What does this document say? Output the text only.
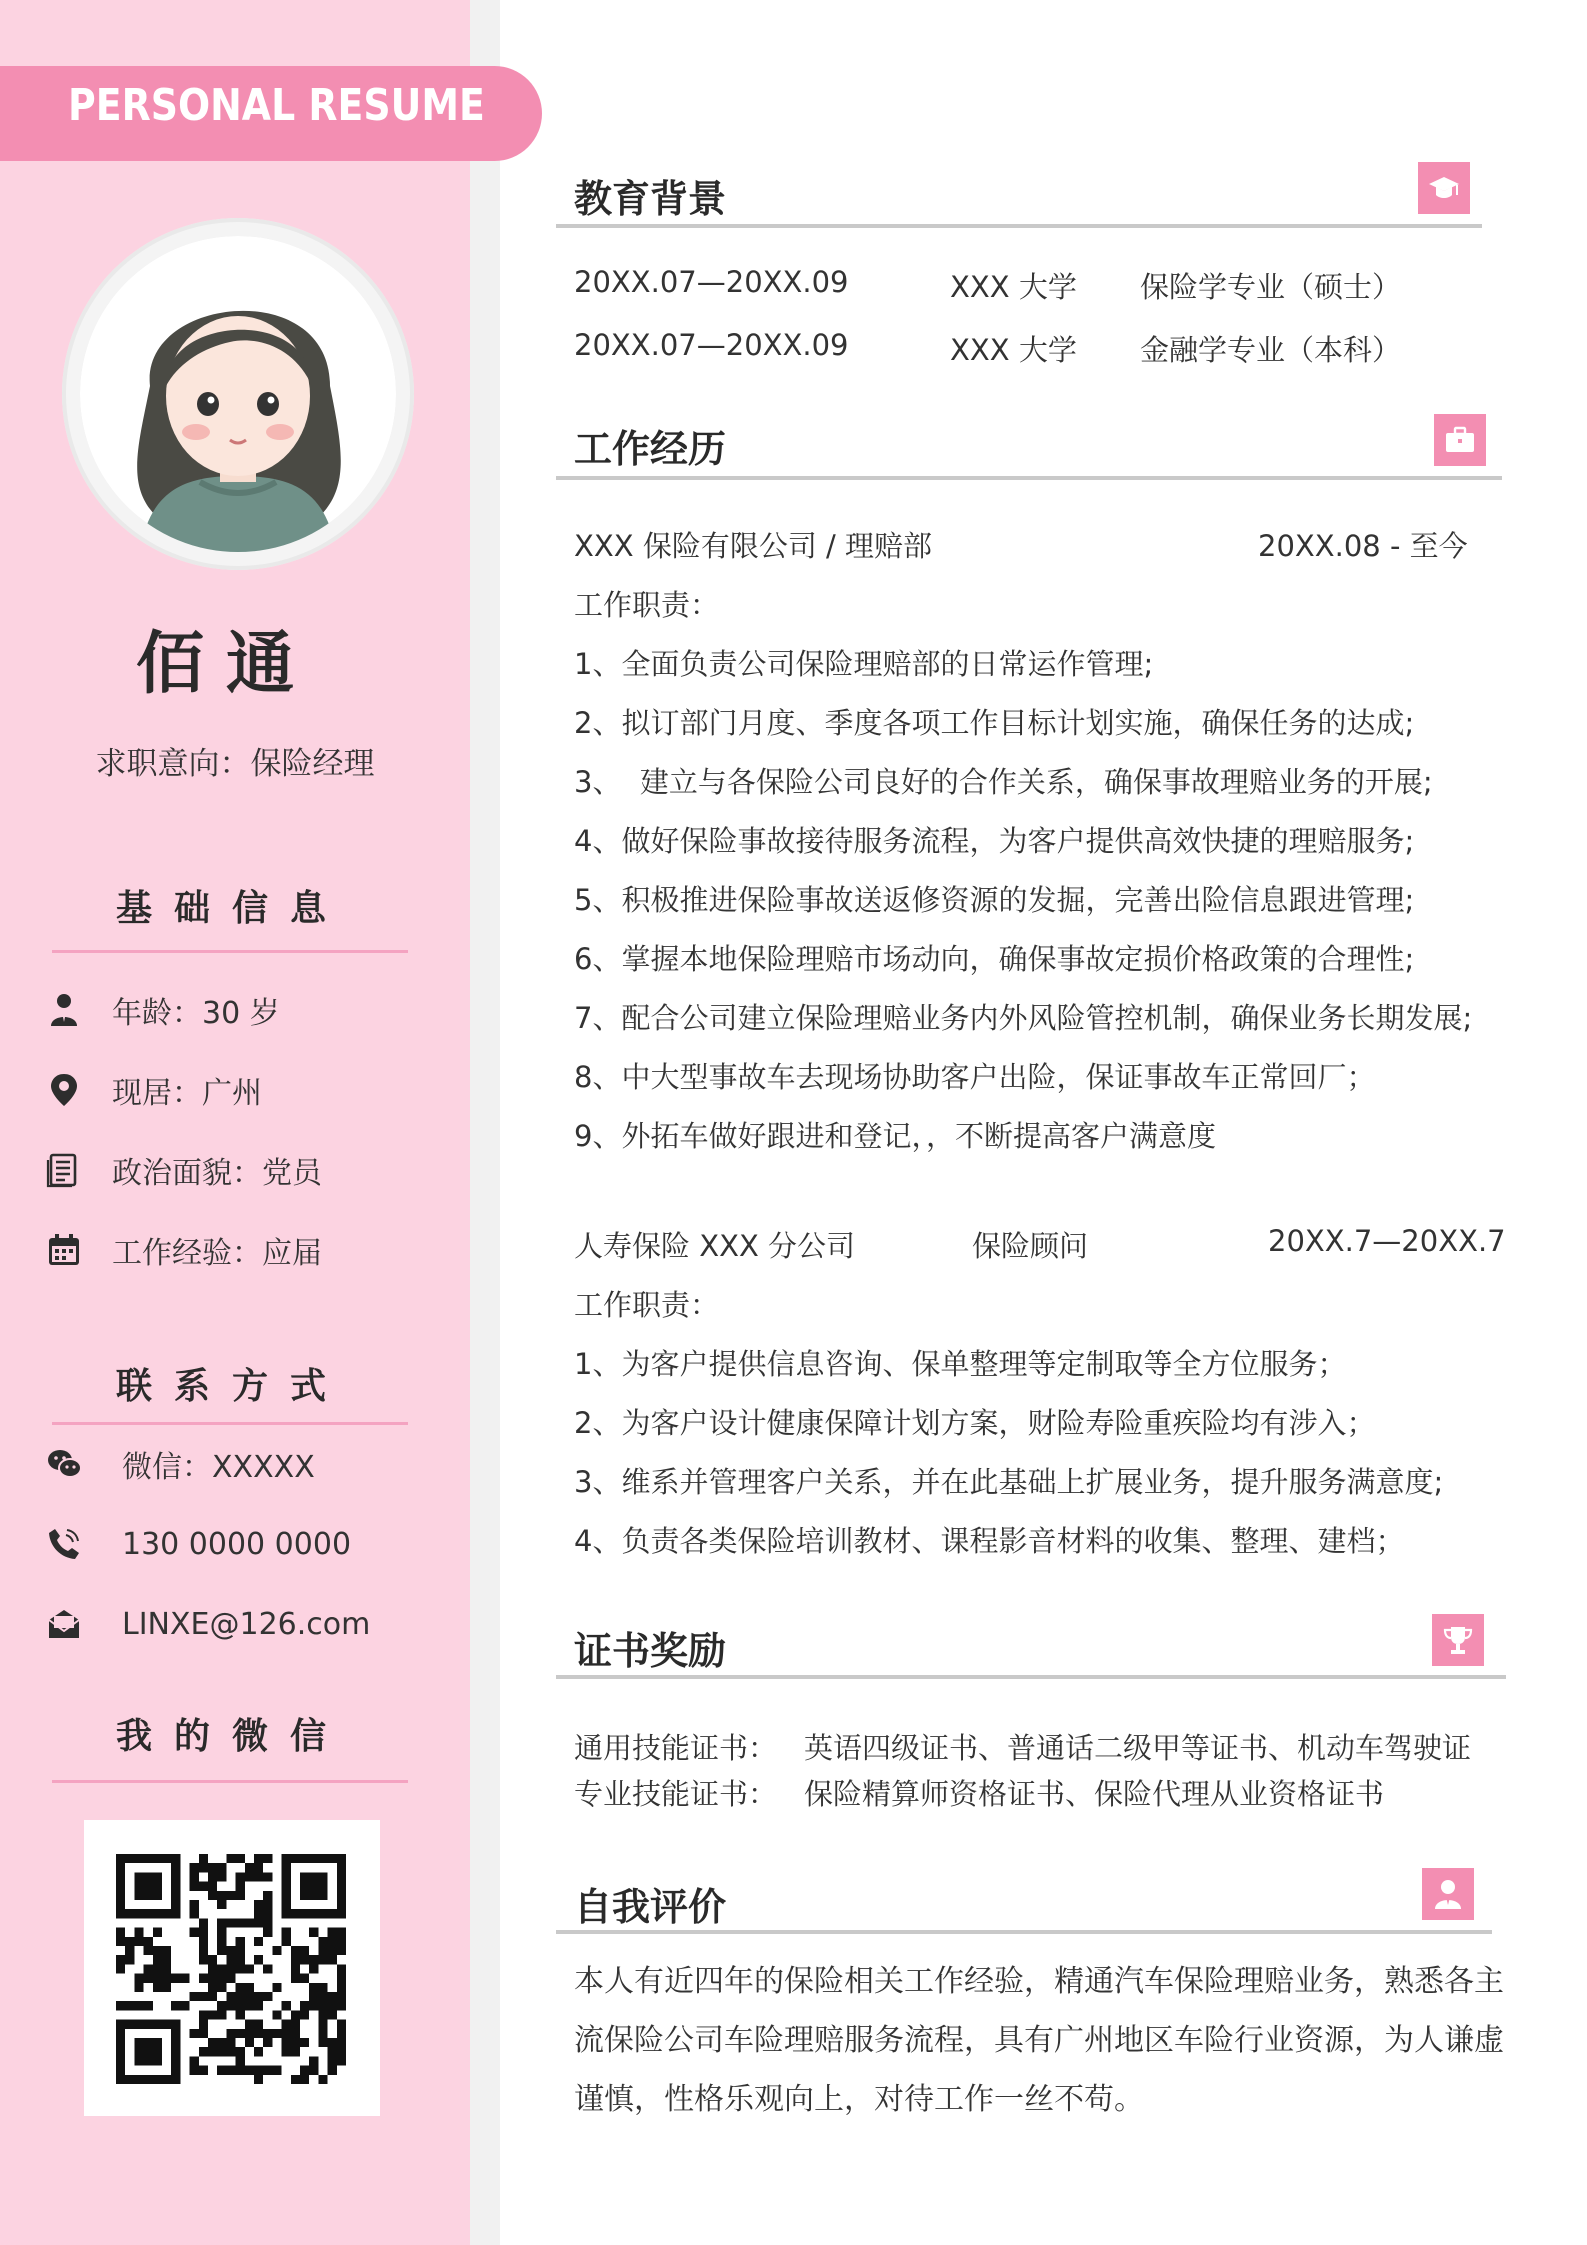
PERSONAL RESUME
佰通
求职意向：保险经理
基础信息
年龄：30 岁
现居：广州
政治面貌：党员
工作经验：应届
联系方式
微信：XXXXX
130 0000 0000
LINXE@126.com
我的微信
教育背景
20XX.07—20XX.09	XXX 大学 保险学专业（硕士）
20XX.07—20XX.09	XXX 大学 金融学专业（本科）
工作经历
XXX 保险有限公司 / 理赔部	20XX.08 - 至今
工作职责：
1、全面负责公司保险理赔部的日常运作管理;
2、拟订部门月度、季度各项工作目标计划实施，确保任务的达成;
3、  建立与各保险公司良好的合作关系，确保事故理赔业务的开展;
4、做好保险事故接待服务流程，为客户提供高效快捷的理赔服务;
5、积极推进保险事故送返修资源的发掘，完善出险信息跟进管理;
6、掌握本地保险理赔市场动向，确保事故定损价格政策的合理性;
7、配合公司建立保险理赔业务内外风险管控机制，确保业务长期发展;
8、中大型事故车去现场协助客户出险，保证事故车正常回厂；
9、外拓车做好跟进和登记，，不断提高客户满意度
人寿保险 XXX 分公司	保险顾问	20XX.7—20XX.7
工作职责：
1、为客户提供信息咨询、保单整理等定制取等全方位服务；
2、为客户设计健康保障计划方案，财险寿险重疾险均有涉入；
3、维系并管理客户关系，并在此基础上扩展业务，提升服务满意度;
4、负责各类保险培训教材、课程影音材料的收集、整理、建档；
证书奖励
通用技能证书： 英语四级证书、普通话二级甲等证书、机动车驾驶证
专业技能证书： 保险精算师资格证书、保险代理从业资格证书
自我评价
本人有近四年的保险相关工作经验，精通汽车保险理赔业务，熟悉各主流保险公司车险理赔服务流程，具有广州地区车险行业资源，为人谦虚谨慎，性格乐观向上，对待工作一丝不苟。
